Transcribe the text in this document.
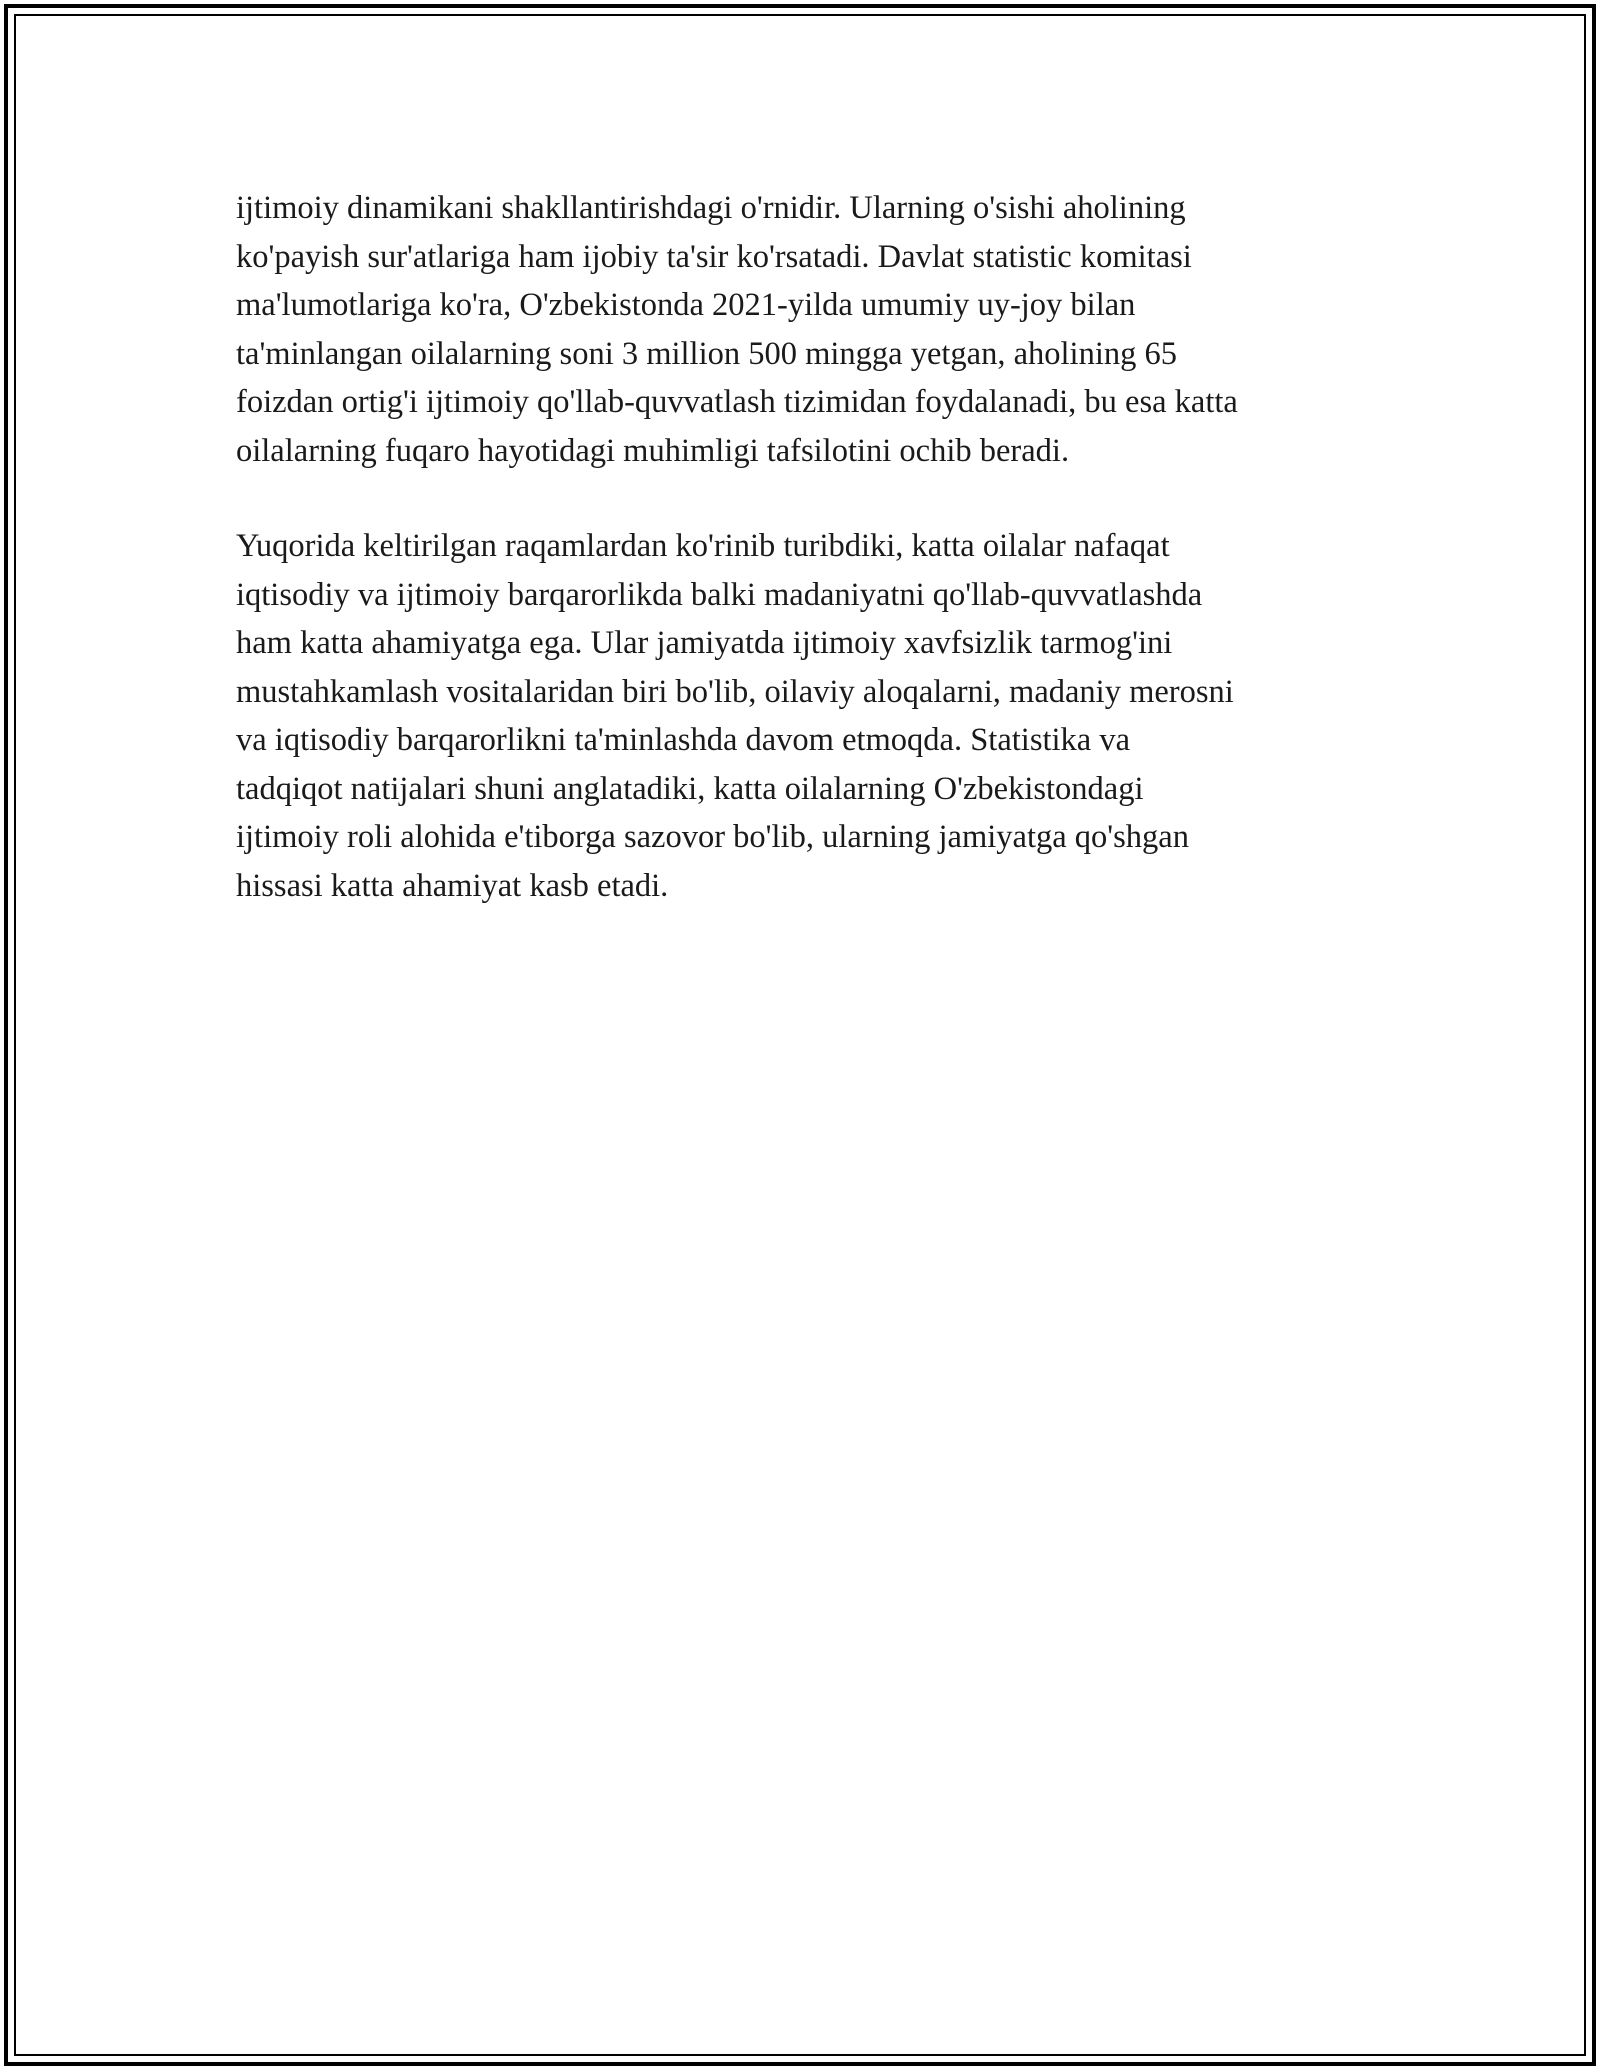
ijtimoiy dinamikani shakllantirishdagi o'rnidir. Ularning o'sishi aholining
ko'payish sur'atlariga ham ijobiy ta'sir ko'rsatadi. Davlat statistic komitasi
ma'lumotlariga ko'ra, O'zbekistonda 2021-yilda umumiy uy-joy bilan
ta'minlangan oilalarning soni 3 million 500 mingga yetgan, aholining 65
foizdan ortig'i ijtimoiy qo'llab-quvvatlash tizimidan foydalanadi, bu esa katta
oilalarning fuqaro hayotidagi muhimligi tafsilotini ochib beradi.

Yuqorida keltirilgan raqamlardan ko'rinib turibdiki, katta oilalar nafaqat
iqtisodiy va ijtimoiy barqarorlikda balki madaniyatni qo'llab-quvvatlashda
ham katta ahamiyatga ega. Ular jamiyatda ijtimoiy xavfsizlik tarmog'ini
mustahkamlash vositalaridan biri bo'lib, oilaviy aloqalarni, madaniy merosni
va iqtisodiy barqarorlikni ta'minlashda davom etmoqda. Statistika va
tadqiqot natijalari shuni anglatadiki, katta oilalarning O'zbekistondagi
ijtimoiy roli alohida e'tiborga sazovor bo'lib, ularning jamiyatga qo'shgan
hissasi katta ahamiyat kasb etadi.
